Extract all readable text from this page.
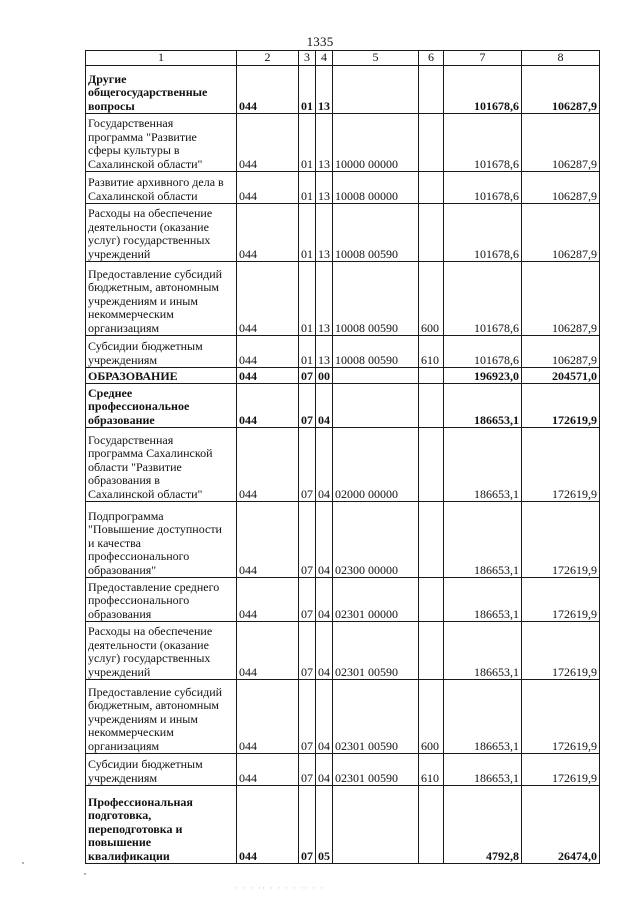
1335
1	2	3	4	5	6	7	8
Другие
общегосударственные
вопросы	044	01	13			101678,6	106287,9
Государственная
программа "Развитие
сферы культуры в
Сахалинской области"	044	01	13	10000 00000		101678,6	106287,9
Развитие архивного дела в
Сахалинской области	044	01	13	10008 00000		101678,6	106287,9
Расходы на обеспечение
деятельности (оказание
услуг) государственных
учреждений	044	01	13	10008 00590		101678,6	106287,9
Предоставление субсидий
бюджетным, автономным
учреждениям и иным
некоммерческим
организациям	044	01	13	10008 00590	600	101678,6	106287,9
Субсидии бюджетным
учреждениям	044	01	13	10008 00590	610	101678,6	106287,9
ОБРАЗОВАНИЕ	044	07	00			196923,0	204571,0
Среднее
профессиональное
образование	044	07	04			186653,1	172619,9
Государственная
программа Сахалинской
области "Развитие
образования в
Сахалинской области"	044	07	04	02000 00000		186653,1	172619,9
Подпрограмма
"Повышение доступности
и качества
профессионального
образования"	044	07	04	02300 00000		186653,1	172619,9
Предоставление среднего
профессионального
образования	044	07	04	02301 00000		186653,1	172619,9
Расходы на обеспечение
деятельности (оказание
услуг) государственных
учреждений	044	07	04	02301 00590		186653,1	172619,9
Предоставление субсидий
бюджетным, автономным
учреждениям и иным
некоммерческим
организациям	044	07	04	02301 00590	600	186653,1	172619,9
Субсидии бюджетным
учреждениям	044	07	04	02301 00590	610	186653,1	172619,9
Профессиональная
подготовка,
переподготовка и
повышение
квалификации	044	07	05			4792,8	26474,0
· · · ·· · · · · ·· · ·
